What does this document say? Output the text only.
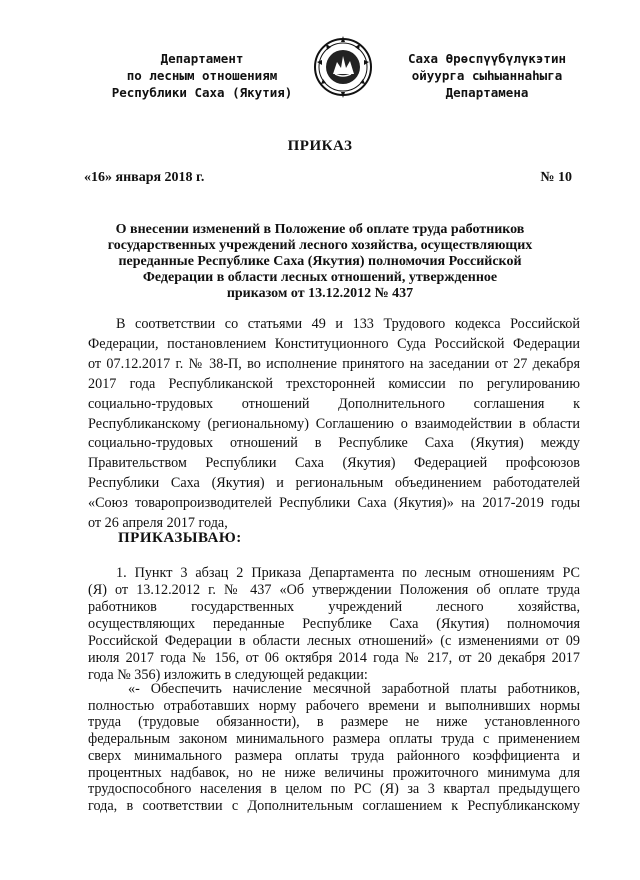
Департамент
по лесным отношениям
Республики Саха (Якутия)
Саха Өрөспүүбүлүкэтин
ойуурга сыһыаннаһыга
Департамена
ПРИКАЗ
«16» января 2018 г.	№ 10
О внесении изменений в Положение об оплате труда работников
государственных учреждений лесного хозяйства, осуществляющих
переданные Республике Саха (Якутия) полномочия Российской
Федерации в области лесных отношений, утвержденное
приказом от 13.12.2012 № 437
В соответствии со статьями 49 и 133 Трудового кодекса Российской
Федерации, постановлением Конституционного Суда Российской Федерации
от 07.12.2017 г. № 38-П, во исполнение принятого на заседании от 27 декабря
2017 года Республиканской трехсторонней комиссии по регулированию
социально-трудовых отношений Дополнительного соглашения к
Республиканскому (региональному) Соглашению о взаимодействии в области
социально-трудовых отношений в Республике Саха (Якутия) между
Правительством Республики Саха (Якутия) Федерацией профсоюзов
Республики Саха (Якутия) и региональным объединением работодателей
«Союз товаропроизводителей Республики Саха (Якутия)» на 2017-2019 годы
от 26 апреля 2017 года,
ПРИКАЗЫВАЮ:
1. Пункт 3 абзац 2 Приказа Департамента по лесным отношениям РС
(Я) от 13.12.2012 г. № 437 «Об утверждении Положения об оплате труда
работников государственных учреждений лесного хозяйства,
осуществляющих переданные Республике Саха (Якутия) полномочия
Российской Федерации в области лесных отношений» (с изменениями от 09
июля 2017 года № 156, от 06 октября 2014 года № 217, от 20 декабря 2017
года № 356) изложить в следующей редакции:
«- Обеспечить начисление месячной заработной платы работников,
полностью отработавших норму рабочего времени и выполнивших нормы
труда (трудовые обязанности), в размере не ниже установленного
федеральным законом минимального размера оплаты труда с применением
сверх минимального размера оплаты труда районного коэффициента и
процентных надбавок, но не ниже величины прожиточного минимума для
трудоспособного населения в целом по РС (Я) за 3 квартал предыдущего
года, в соответствии с Дополнительным соглашением к Республиканскому
